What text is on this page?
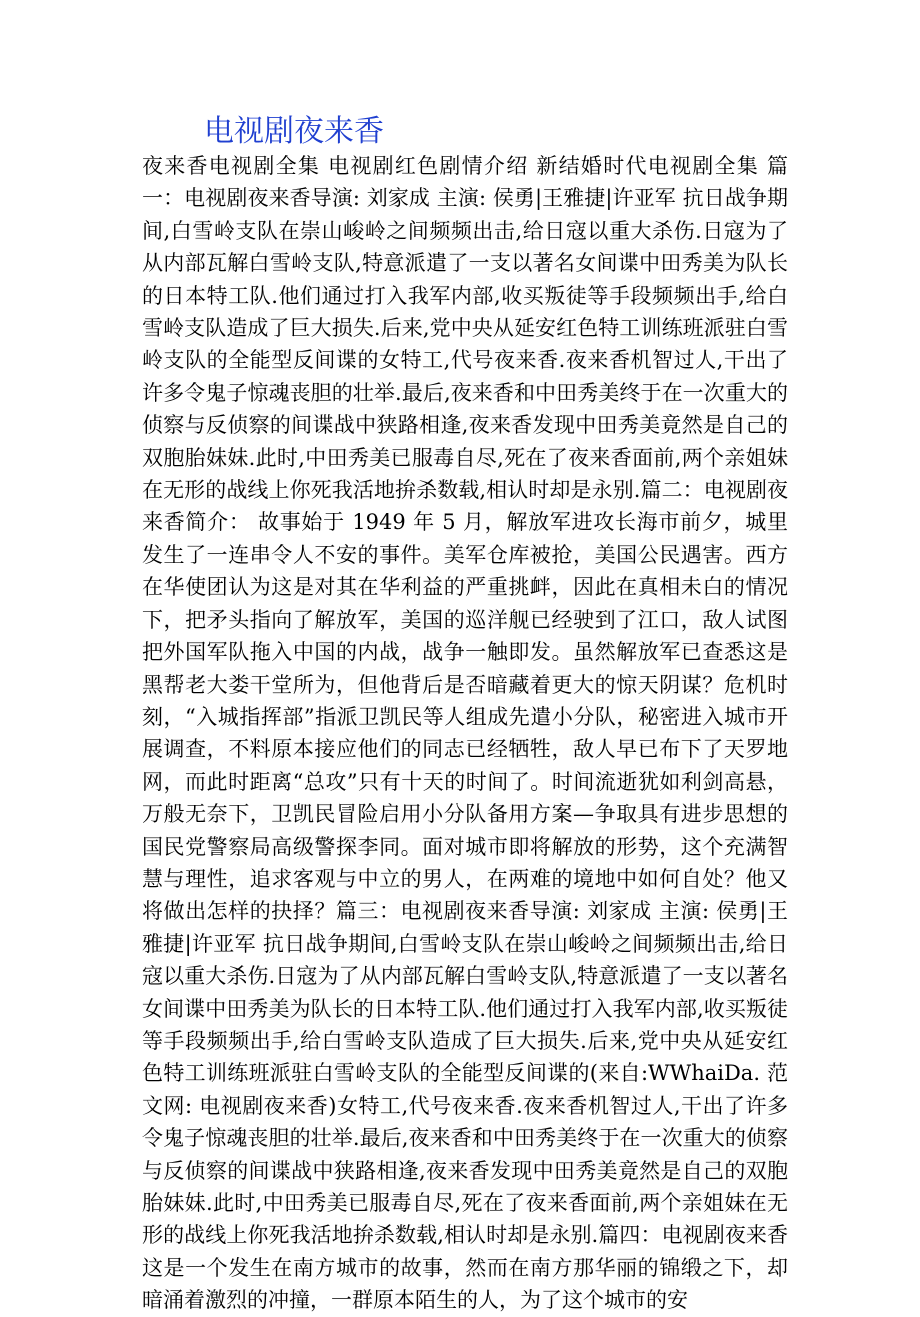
电视剧夜来香

夜来香电视剧全集 电视剧红色剧情介绍 新结婚时代电视剧全集 篇一：电视剧夜来香导演: 刘家成 主演: 侯勇|王雅捷|许亚军 抗日战争期间,白雪岭支队在崇山峻岭之间频频出击,给日寇以重大杀伤.日寇为了从内部瓦解白雪岭支队,特意派遣了一支以著名女间谍中田秀美为队长的日本特工队.他们通过打入我军内部,收买叛徒等手段频频出手,给白雪岭支队造成了巨大损失.后来,党中央从延安红色特工训练班派驻白雪岭支队的全能型反间谍的女特工,代号夜来香.夜来香机智过人,干出了许多令鬼子惊魂丧胆的壮举.最后,夜来香和中田秀美终于在一次重大的侦察与反侦察的间谍战中狭路相逢,夜来香发现中田秀美竟然是自己的双胞胎妹妹.此时,中田秀美已服毒自尽,死在了夜来香面前,两个亲姐妹在无形的战线上你死我活地拚杀数载,相认时却是永别.篇二：电视剧夜来香简介： 故事始于 1949 年 5 月，解放军进攻长海市前夕，城里发生了一连串令人不安的事件。美军仓库被抢，美国公民遇害。西方在华使团认为这是对其在华利益的严重挑衅，因此在真相未白的情况下，把矛头指向了解放军，美国的巡洋舰已经驶到了江口，敌人试图把外国军队拖入中国的内战，战争一触即发。虽然解放军已查悉这是黑帮老大娄干堂所为，但他背后是否暗藏着更大的惊天阴谋？危机时刻，“入城指挥部”指派卫凯民等人组成先遣小分队，秘密进入城市开展调查，不料原本接应他们的同志已经牺牲，敌人早已布下了天罗地网，而此时距离“总攻”只有十天的时间了。时间流逝犹如利剑高悬，万般无奈下，卫凯民冒险启用小分队备用方案—争取具有进步思想的国民党警察局高级警探李同。面对城市即将解放的形势，这个充满智慧与理性，追求客观与中立的男人，在两难的境地中如何自处？他又将做出怎样的抉择？篇三：电视剧夜来香导演: 刘家成 主演: 侯勇|王雅捷|许亚军 抗日战争期间,白雪岭支队在崇山峻岭之间频频出击,给日寇以重大杀伤.日寇为了从内部瓦解白雪岭支队,特意派遣了一支以著名女间谍中田秀美为队长的日本特工队.他们通过打入我军内部,收买叛徒等手段频频出手,给白雪岭支队造成了巨大损失.后来,党中央从延安红色特工训练班派驻白雪岭支队的全能型反间谍的(来自:WWhaiDa. 范文网: 电视剧夜来香)女特工,代号夜来香.夜来香机智过人,干出了许多令鬼子惊魂丧胆的壮举.最后,夜来香和中田秀美终于在一次重大的侦察与反侦察的间谍战中狭路相逢,夜来香发现中田秀美竟然是自己的双胞胎妹妹.此时,中田秀美已服毒自尽,死在了夜来香面前,两个亲姐妹在无形的战线上你死我活地拚杀数载,相认时却是永别.篇四：电视剧夜来香这是一个发生在南方城市的故事，然而在南方那华丽的锦缎之下，却暗涌着激烈的冲撞，一群原本陌生的人，为了这个城市的安
